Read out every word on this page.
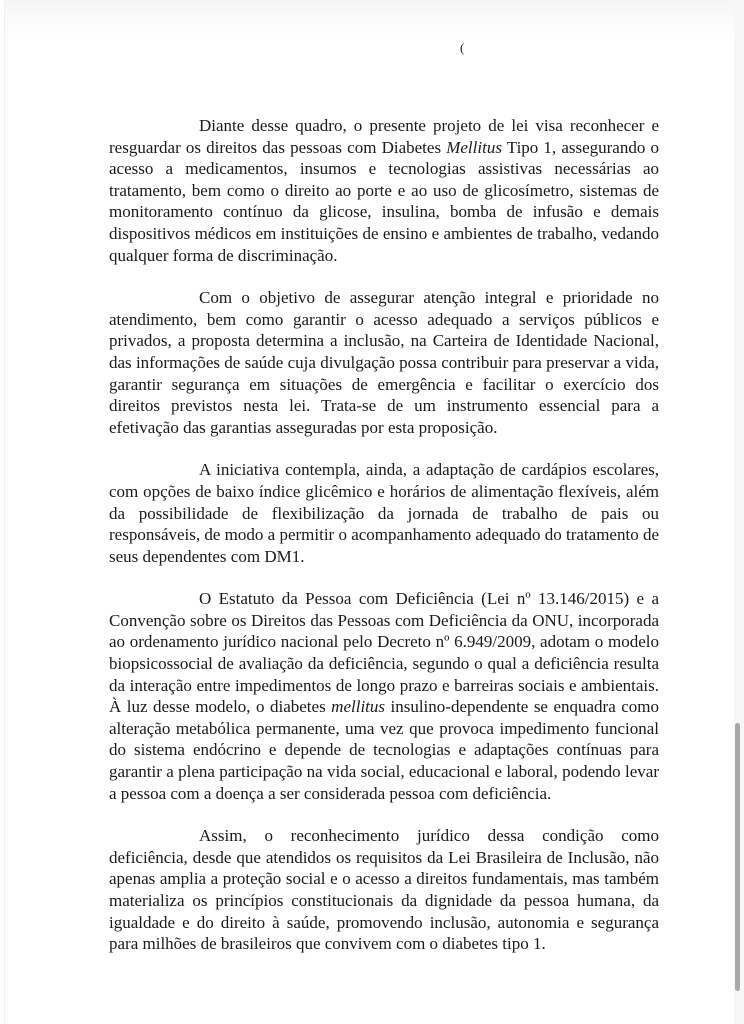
(

Diante desse quadro, o presente projeto de lei visa reconhecer e resguardar os direitos das pessoas com Diabetes Mellitus Tipo 1, assegurando o acesso a medicamentos, insumos e tecnologias assistivas necessárias ao tratamento, bem como o direito ao porte e ao uso de glicosímetro, sistemas de monitoramento contínuo da glicose, insulina, bomba de infusão e demais dispositivos médicos em instituições de ensino e ambientes de trabalho, vedando qualquer forma de discriminação.

Com o objetivo de assegurar atenção integral e prioridade no atendimento, bem como garantir o acesso adequado a serviços públicos e privados, a proposta determina a inclusão, na Carteira de Identidade Nacional, das informações de saúde cuja divulgação possa contribuir para preservar a vida, garantir segurança em situações de emergência e facilitar o exercício dos direitos previstos nesta lei. Trata-se de um instrumento essencial para a efetivação das garantias asseguradas por esta proposição.

A iniciativa contempla, ainda, a adaptação de cardápios escolares, com opções de baixo índice glicêmico e horários de alimentação flexíveis, além da possibilidade de flexibilização da jornada de trabalho de pais ou responsáveis, de modo a permitir o acompanhamento adequado do tratamento de seus dependentes com DM1.

O Estatuto da Pessoa com Deficiência (Lei nº 13.146/2015) e a Convenção sobre os Direitos das Pessoas com Deficiência da ONU, incorporada ao ordenamento jurídico nacional pelo Decreto nº 6.949/2009, adotam o modelo biopsicossocial de avaliação da deficiência, segundo o qual a deficiência resulta da interação entre impedimentos de longo prazo e barreiras sociais e ambientais. À luz desse modelo, o diabetes mellitus insulino-dependente se enquadra como alteração metabólica permanente, uma vez que provoca impedimento funcional do sistema endócrino e depende de tecnologias e adaptações contínuas para garantir a plena participação na vida social, educacional e laboral, podendo levar a pessoa com a doença a ser considerada pessoa com deficiência.

Assim, o reconhecimento jurídico dessa condição como deficiência, desde que atendidos os requisitos da Lei Brasileira de Inclusão, não apenas amplia a proteção social e o acesso a direitos fundamentais, mas também materializa os princípios constitucionais da dignidade da pessoa humana, da igualdade e do direito à saúde, promovendo inclusão, autonomia e segurança para milhões de brasileiros que convivem com o diabetes tipo 1.
